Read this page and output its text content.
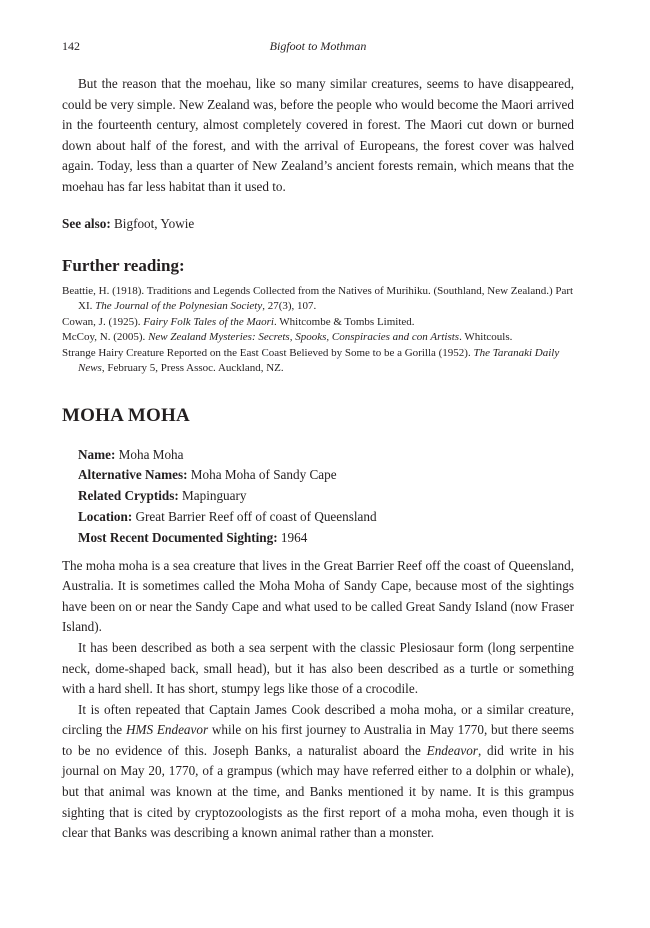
142	Bigfoot to Mothman

But the reason that the moehau, like so many similar creatures, seems to have disappeared, could be very simple. New Zealand was, before the people who would become the Maori arrived in the fourteenth century, almost completely covered in forest. The Maori cut down or burned down about half of the forest, and with the arrival of Europeans, the forest cover was halved again. Today, less than a quarter of New Zealand’s ancient forests remain, which means that the moehau has far less habitat than it used to.

See also: Bigfoot, Yowie
Further reading:
Beattie, H. (1918). Traditions and Legends Collected from the Natives of Murihiku. (Southland, New Zealand.) Part XI. The Journal of the Polynesian Society, 27(3), 107.
Cowan, J. (1925). Fairy Folk Tales of the Maori. Whitcombe & Tombs Limited.
McCoy, N. (2005). New Zealand Mysteries: Secrets, Spooks, Conspiracies and con Artists. Whitcouls.
Strange Hairy Creature Reported on the East Coast Believed by Some to be a Gorilla (1952). The Taranaki Daily News, February 5, Press Assoc. Auckland, NZ.
MOHA MOHA
Name: Moha Moha
Alternative Names: Moha Moha of Sandy Cape
Related Cryptids: Mapinguary
Location: Great Barrier Reef off of coast of Queensland
Most Recent Documented Sighting: 1964

The moha moha is a sea creature that lives in the Great Barrier Reef off the coast of Queensland, Australia. It is sometimes called the Moha Moha of Sandy Cape, because most of the sightings have been on or near the Sandy Cape and what used to be called Great Sandy Island (now Fraser Island).

It has been described as both a sea serpent with the classic Plesiosaur form (long serpentine neck, dome-shaped back, small head), but it has also been described as a turtle or something with a hard shell. It has short, stumpy legs like those of a crocodile.

It is often repeated that Captain James Cook described a moha moha, or a similar creature, circling the HMS Endeavor while on his first journey to Australia in May 1770, but there seems to be no evidence of this. Joseph Banks, a naturalist aboard the Endeavor, did write in his journal on May 20, 1770, of a grampus (which may have referred either to a dolphin or whale), but that animal was known at the time, and Banks mentioned it by name. It is this grampus sighting that is cited by cryptozoologists as the first report of a moha moha, even though it is clear that Banks was describing a known animal rather than a monster.
